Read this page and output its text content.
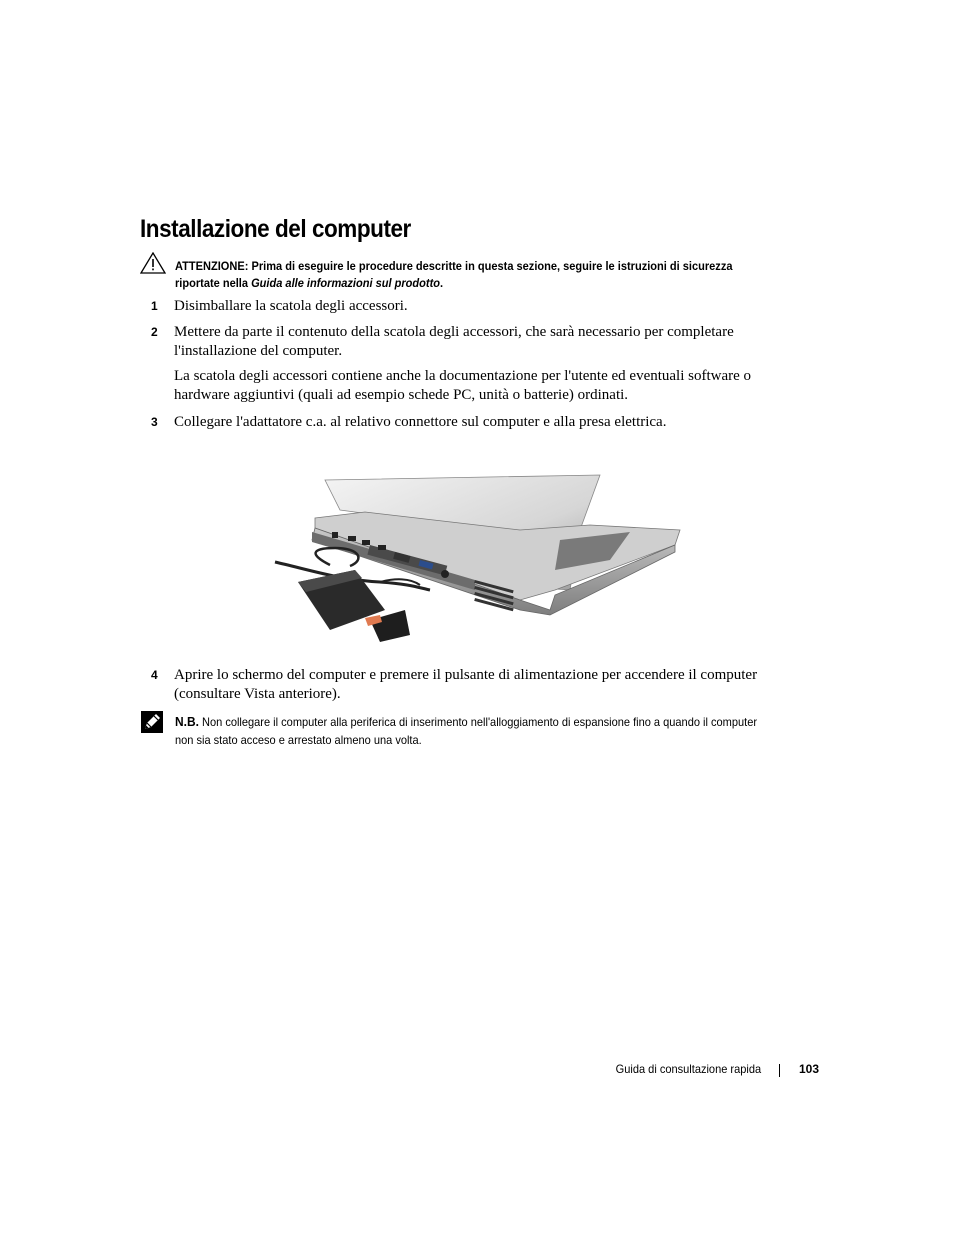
Installazione del computer
ATTENZIONE: Prima di eseguire le procedure descritte in questa sezione, seguire le istruzioni di sicurezza riportate nella Guida alle informazioni sul prodotto.
1 Disimballare la scatola degli accessori.
2 Mettere da parte il contenuto della scatola degli accessori, che sarà necessario per completare l'installazione del computer.
La scatola degli accessori contiene anche la documentazione per l'utente ed eventuali software o hardware aggiuntivi (quali ad esempio schede PC, unità o batterie) ordinati.
3 Collegare l'adattatore c.a. al relativo connettore sul computer e alla presa elettrica.
4 Aprire lo schermo del computer e premere il pulsante di alimentazione per accendere il computer (consultare Vista anteriore).
N.B. Non collegare il computer alla periferica di inserimento nell'alloggiamento di espansione fino a quando il computer non sia stato acceso e arrestato almeno una volta.
Guida di consultazione rapida	103
